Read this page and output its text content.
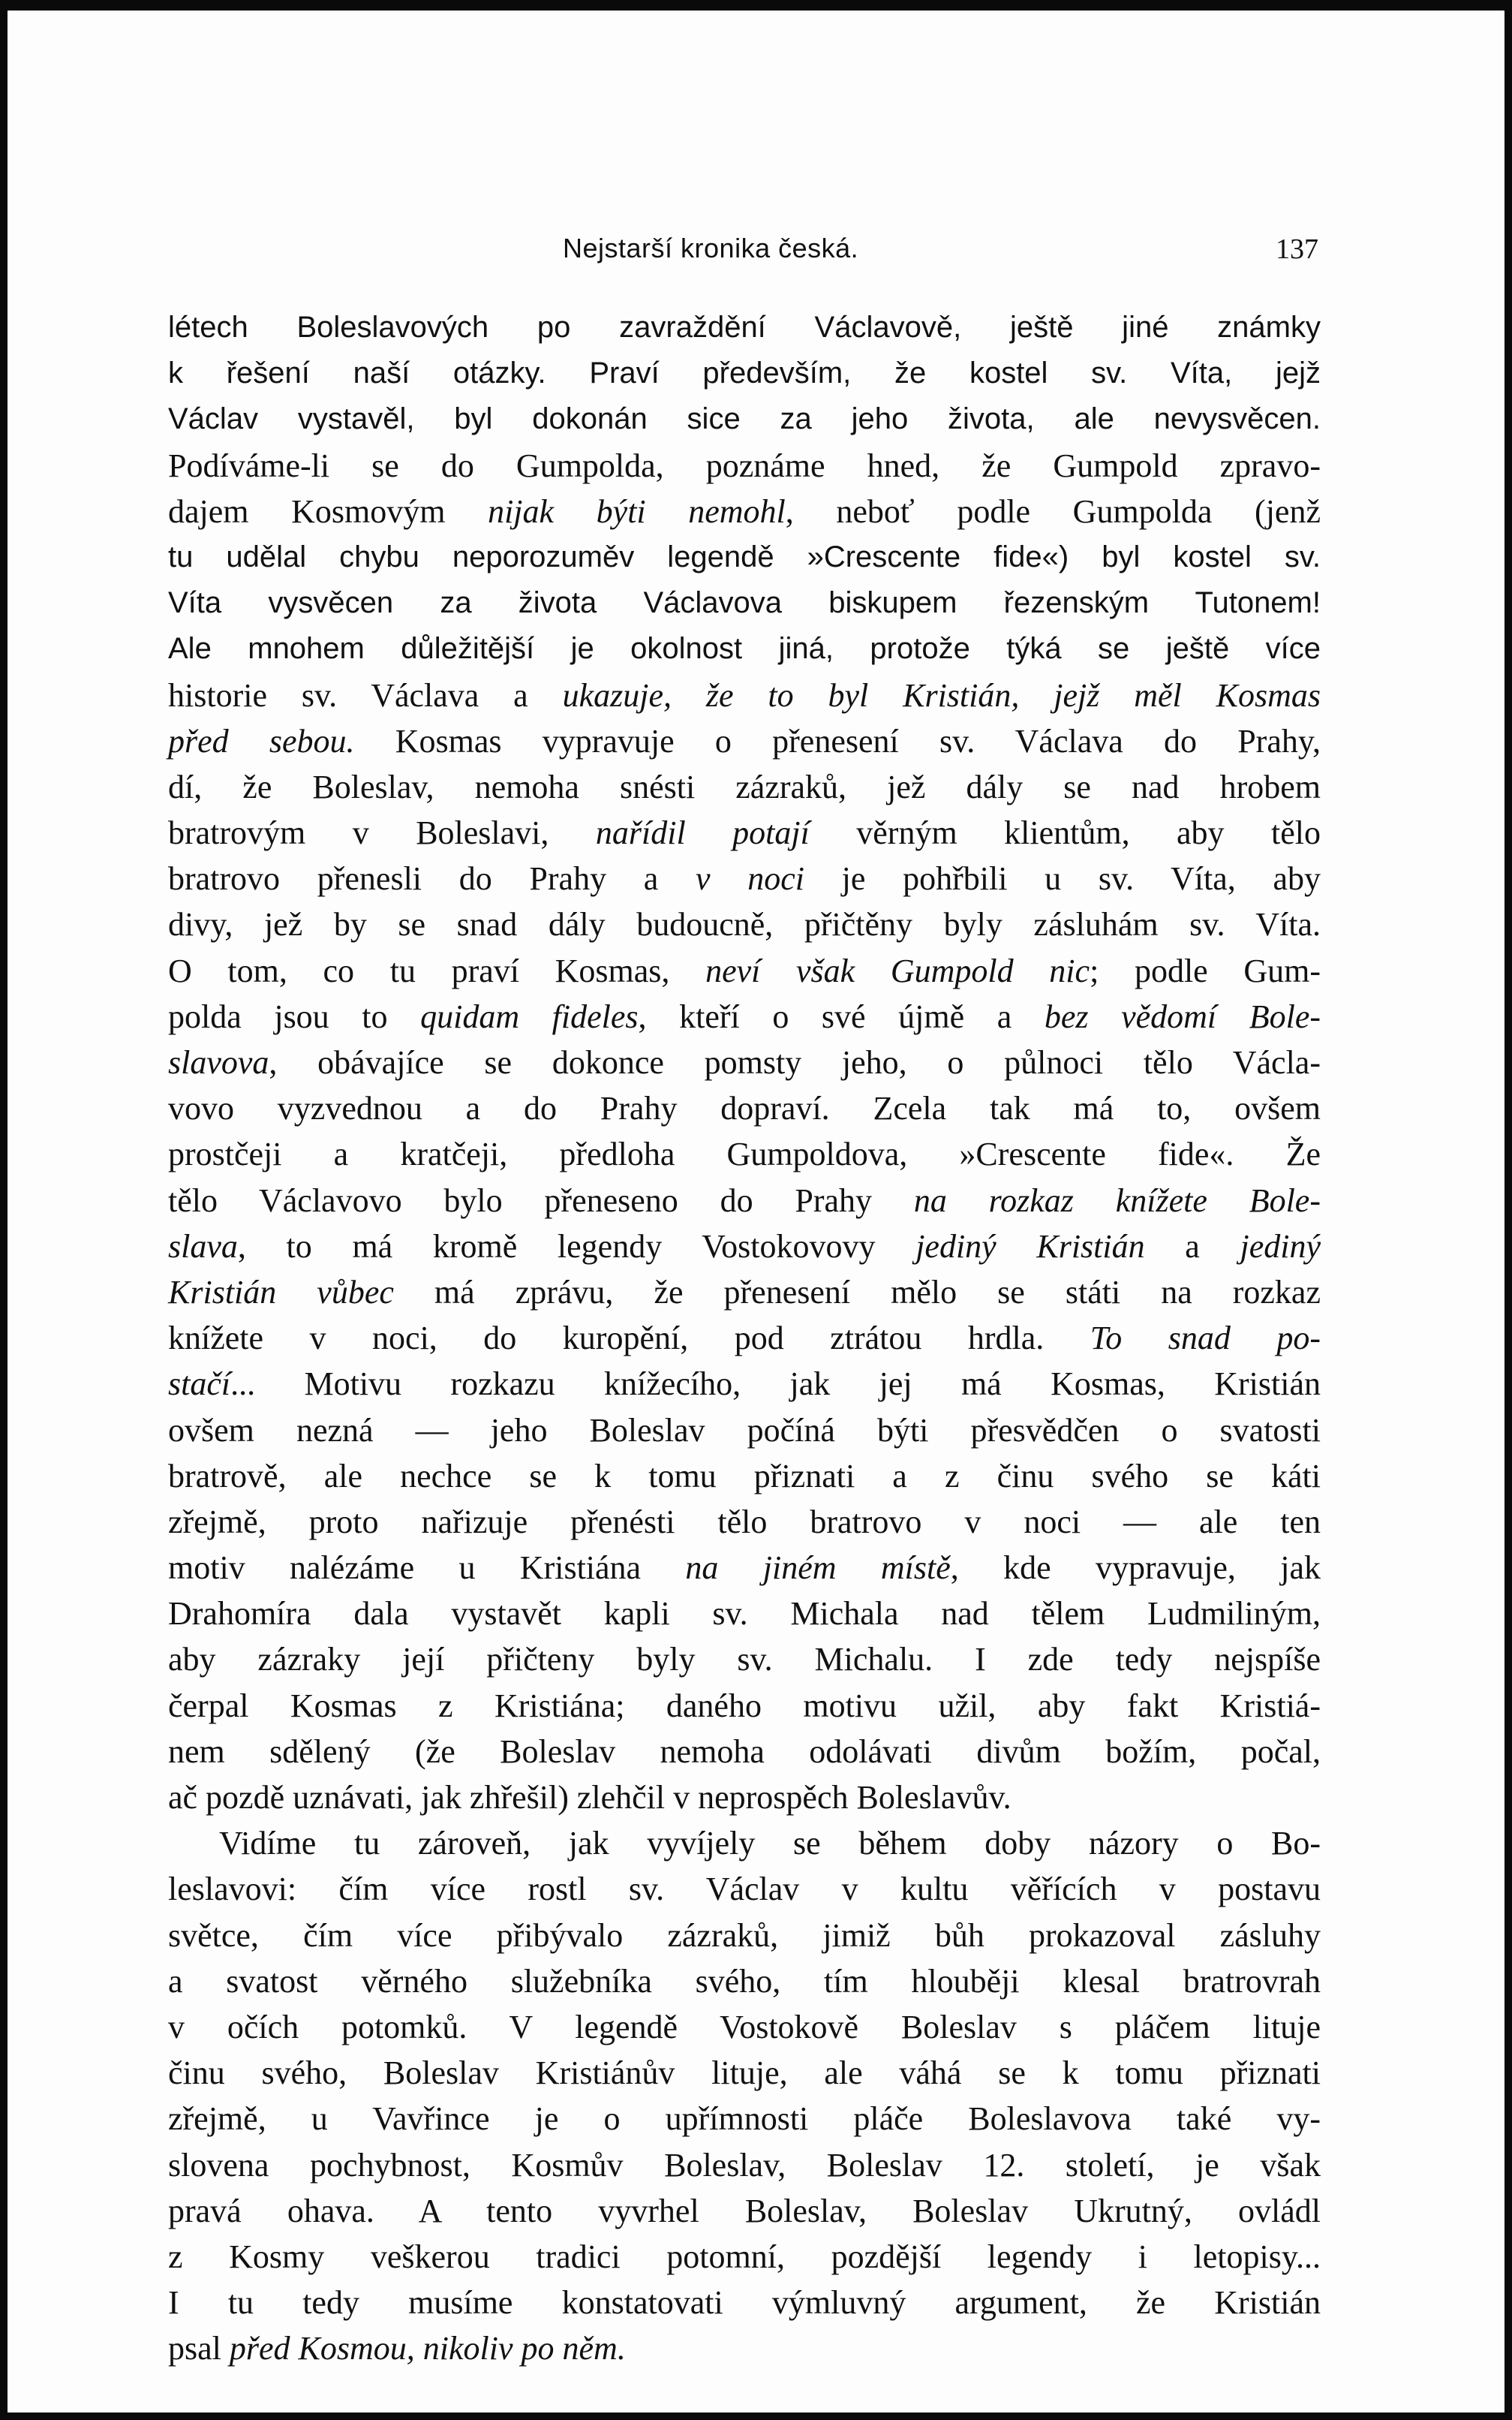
Nejstarší kronika česká.	137
létech Boleslavových po zavraždění Václavově, ještě jiné známky
k řešení naší otázky. Praví především, že kostel sv. Víta, jejž
Václav vystavěl, byl dokonán sice za jeho života, ale nevysvěcen.
Podíváme-li se do Gumpolda, poznáme hned, že Gumpold zpravo-
dajem Kosmovým nijak býti nemohl, neboť podle Gumpolda (jenž
tu udělal chybu neporozuměv legendě »Crescente fide«) byl kostel sv.
Víta vysvěcen za života Václavova biskupem řezenským Tutonem!
Ale mnohem důležitější je okolnost jiná, protože týká se ještě více
historie sv. Václava a ukazuje, že to byl Kristián, jejž měl Kosmas
před sebou. Kosmas vypravuje o přenesení sv. Václava do Prahy,
dí, že Boleslav, nemoha snésti zázraků, jež dály se nad hrobem
bratrovým v Boleslavi, nařídil potají věrným klientům, aby tělo
bratrovo přenesli do Prahy a v noci je pohřbili u sv. Víta, aby
divy, jež by se snad dály budoucně, přičtěny byly zásluhám sv. Víta.
O tom, co tu praví Kosmas, neví však Gumpold nic; podle Gum-
polda jsou to quidam fideles, kteří o své újmě a bez vědomí Bole-
slavova, obávajíce se dokonce pomsty jeho, o půlnoci tělo Václa-
vovo vyzvednou a do Prahy dopraví. Zcela tak má to, ovšem
prostčeji a kratčeji, předloha Gumpoldova, »Crescente fide«. Že
tělo Václavovo bylo přeneseno do Prahy na rozkaz knížete Bole-
slava, to má kromě legendy Vostokovovy jediný Kristián a jediný
Kristián vůbec má zprávu, že přenesení mělo se státi na rozkaz
knížete v noci, do kuropění, pod ztrátou hrdla. To snad po-
stačí... Motivu rozkazu knížecího, jak jej má Kosmas, Kristián
ovšem nezná — jeho Boleslav počíná býti přesvědčen o svatosti
bratrově, ale nechce se k tomu přiznati a z činu svého se káti
zřejmě, proto nařizuje přenésti tělo bratrovo v noci — ale ten
motiv nalézáme u Kristiána na jiném místě, kde vypravuje, jak
Drahomíra dala vystavět kapli sv. Michala nad tělem Ludmiliným,
aby zázraky její přičteny byly sv. Michalu. I zde tedy nejspíše
čerpal Kosmas z Kristiána; daného motivu užil, aby fakt Kristiá-
nem sdělený (že Boleslav nemoha odolávati divům božím, počal,
ač pozdě uznávati, jak zhřešil) zlehčil v neprospěch Boleslavův.
Vidíme tu zároveň, jak vyvíjely se během doby názory o Bo-
leslavovi: čím více rostl sv. Václav v kultu věřících v postavu
světce, čím více přibývalo zázraků, jimiž bůh prokazoval zásluhy
a svatost věrného služebníka svého, tím hlouběji klesal bratrovrah
v očích potomků. V legendě Vostokově Boleslav s pláčem lituje
činu svého, Boleslav Kristiánův lituje, ale váhá se k tomu přiznati
zřejmě, u Vavřince je o upřímnosti pláče Boleslavova také vy-
slovena pochybnost, Kosmův Boleslav, Boleslav 12. století, je však
pravá ohava. A tento vyvrhel Boleslav, Boleslav Ukrutný, ovládl
z Kosmy veškerou tradici potomní, pozdější legendy i letopisy...
I tu tedy musíme konstatovati výmluvný argument, že Kristián
psal před Kosmou, nikoliv po něm.
